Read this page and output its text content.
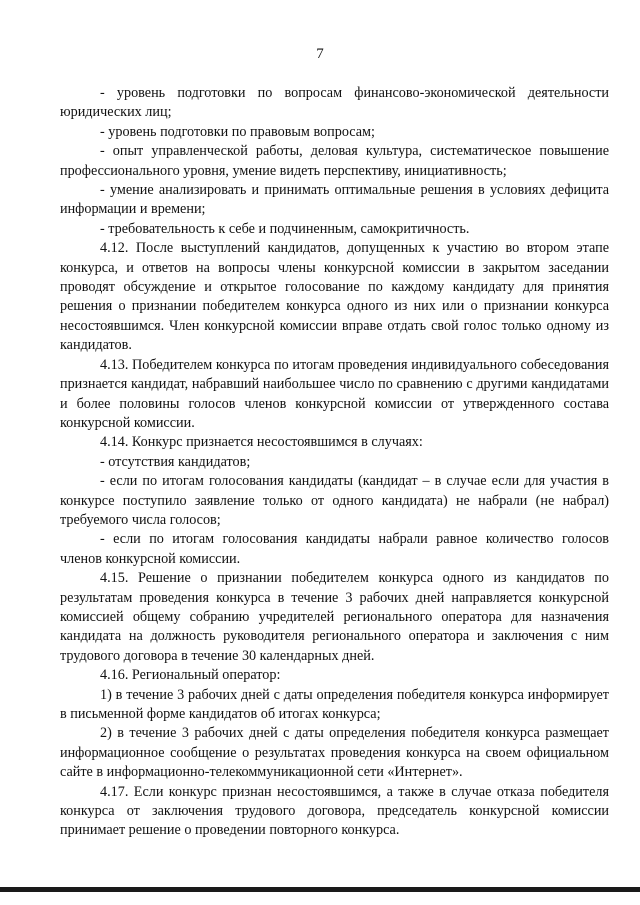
7

- уровень подготовки по вопросам финансово-экономической деятельности юридических лиц;

- уровень подготовки по правовым вопросам;

- опыт управленческой работы, деловая культура, систематическое повышение профессионального уровня, умение видеть перспективу, инициативность;

- умение анализировать и принимать оптимальные решения в условиях дефицита информации и времени;

- требовательность к себе и подчиненным, самокритичность.

4.12. После выступлений кандидатов, допущенных к участию во втором этапе конкурса, и ответов на вопросы члены конкурсной комиссии в закрытом заседании проводят обсуждение и открытое голосование по каждому кандидату для принятия решения о признании победителем конкурса одного из них или о признании конкурса несостоявшимся. Член конкурсной комиссии вправе отдать свой голос только одному из кандидатов.

4.13. Победителем конкурса по итогам проведения индивидуального собеседования признается кандидат, набравший наибольшее число по сравнению с другими кандидатами и более половины голосов членов конкурсной комиссии от утвержденного состава конкурсной комиссии.

4.14. Конкурс признается несостоявшимся в случаях:

- отсутствия кандидатов;

- если по итогам голосования кандидаты (кандидат – в случае если для участия в конкурсе поступило заявление только от одного кандидата) не набрали (не набрал) требуемого числа голосов;

- если по итогам голосования кандидаты набрали равное количество голосов членов конкурсной комиссии.

4.15. Решение о признании победителем конкурса одного из кандидатов по результатам проведения конкурса в течение 3 рабочих дней направляется конкурсной комиссией общему собранию учредителей регионального оператора для назначения кандидата на должность руководителя регионального оператора и заключения с ним трудового договора в течение 30 календарных дней.

4.16. Региональный оператор:

1) в течение 3 рабочих дней с даты определения победителя конкурса информирует в письменной форме кандидатов об итогах конкурса;

2) в течение 3 рабочих дней с даты определения победителя конкурса размещает информационное сообщение о результатах проведения конкурса на своем официальном сайте в информационно-телекоммуникационной сети «Интернет».

4.17. Если конкурс признан несостоявшимся, а также в случае отказа победителя конкурса от заключения трудового договора, председатель конкурсной комиссии принимает решение о проведении повторного конкурса.
